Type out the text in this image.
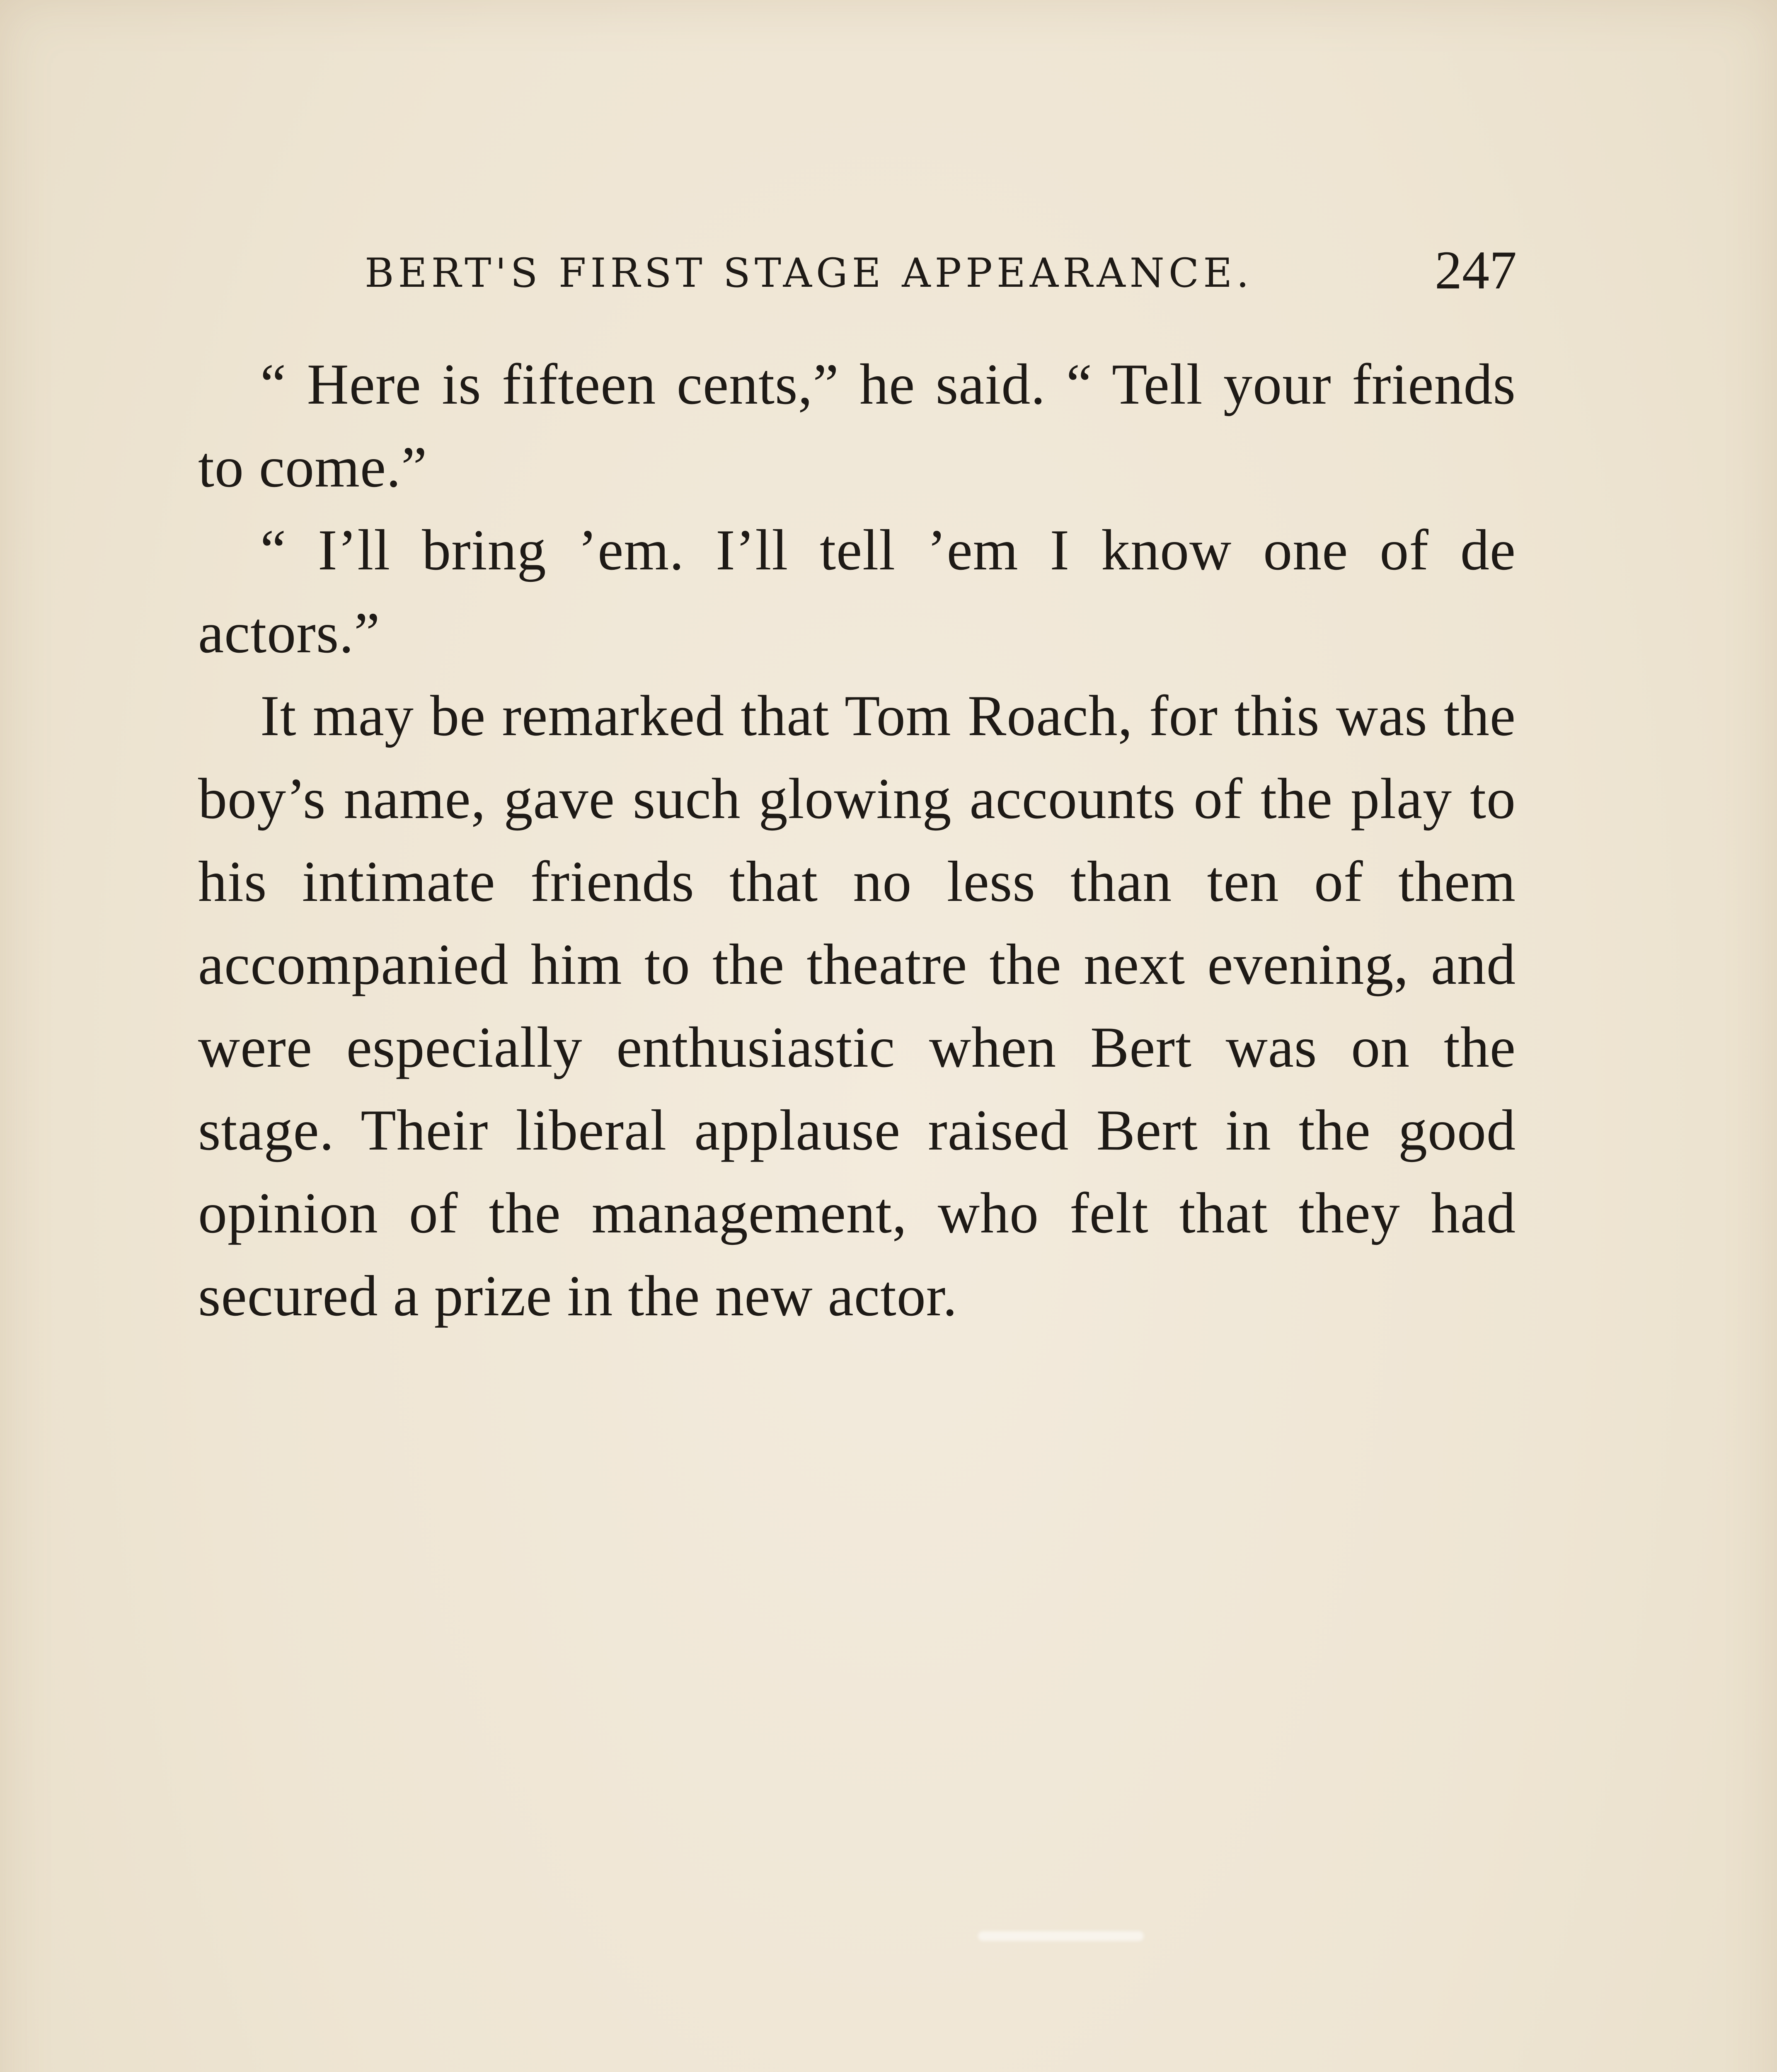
BERT'S FIRST STAGE APPEARANCE.	247

“ Here is fifteen cents,” he said. “ Tell your friends to come.”

“ I’ll bring ’em. I’ll tell ’em I know one of de actors.”

It may be remarked that Tom Roach, for this was the boy’s name, gave such glowing accounts of the play to his intimate friends that no less than ten of them accompanied him to the theatre the next evening, and were especially enthusiastic when Bert was on the stage. Their liberal applause raised Bert in the good opinion of the management, who felt that they had secured a prize in the new actor.
